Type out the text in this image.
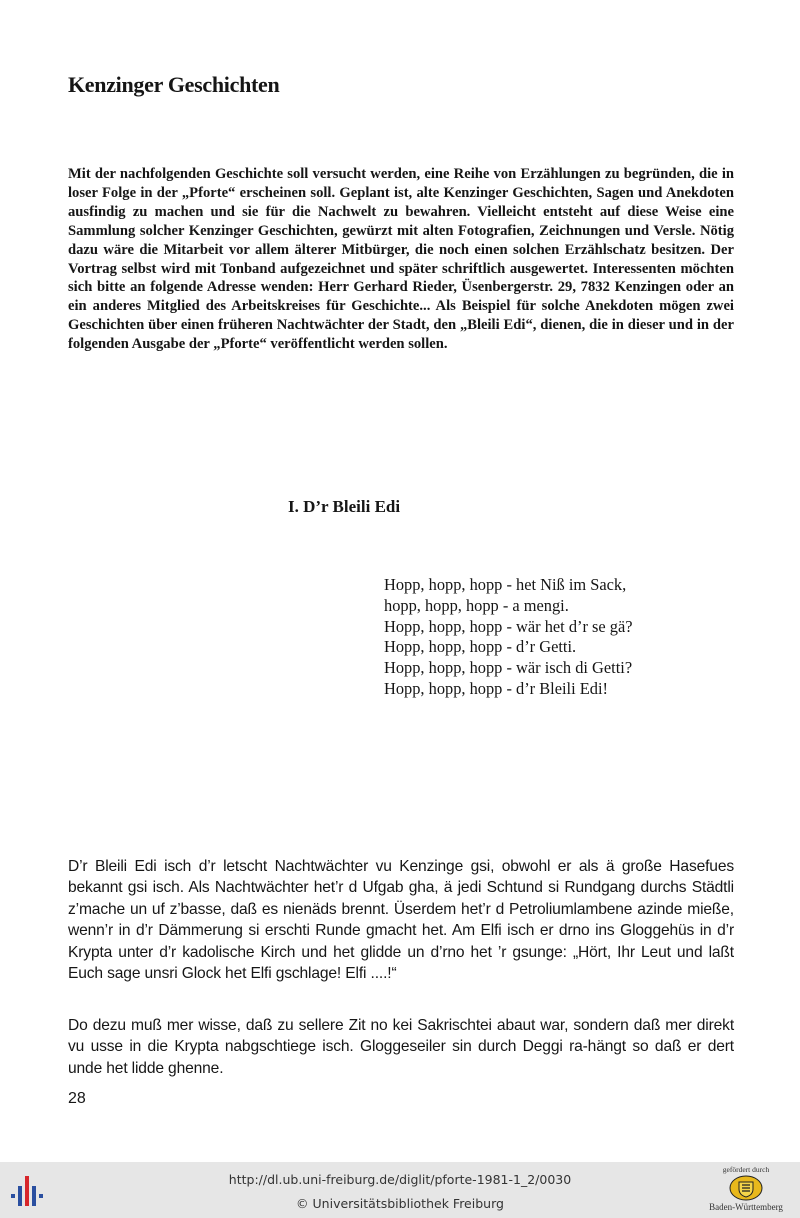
Kenzinger Geschichten

Mit der nachfolgenden Geschichte soll versucht werden, eine Reihe von Erzählungen zu begründen, die in loser Folge in der „Pforte“ erscheinen soll. Geplant ist, alte Kenzinger Geschichten, Sagen und Anekdoten ausfindig zu machen und sie für die Nachwelt zu bewahren. Vielleicht entsteht auf diese Weise eine Sammlung solcher Kenzinger Geschichten, gewürzt mit alten Fotografien, Zeichnungen und Versle. Nötig dazu wäre die Mitarbeit vor allem älterer Mitbürger, die noch einen solchen Erzählschatz besitzen. Der Vortrag selbst wird mit Tonband aufgezeichnet und später schriftlich ausgewertet. Interessenten möchten sich bitte an folgende Adresse wenden: Herr Gerhard Rieder, Üsenbergerstr. 29, 7832 Kenzingen oder an ein anderes Mitglied des Arbeitskreises für Geschichte... Als Beispiel für solche Anekdoten mögen zwei Geschichten über einen früheren Nachtwächter der Stadt, den „Bleili Edi“, dienen, die in dieser und in der folgenden Ausgabe der „Pforte“ veröffentlicht werden sollen.

I. D’r Bleili Edi
Hopp, hopp, hopp - het Niß im Sack,
hopp, hopp, hopp - a mengi.
Hopp, hopp, hopp - wär het d’r se gä?
Hopp, hopp, hopp - d’r Getti.
Hopp, hopp, hopp - wär isch di Getti?
Hopp, hopp, hopp - d’r Bleili Edi!

D’r Bleili Edi isch d’r letscht Nachtwächter vu Kenzinge gsi, obwohl er als ä große Hasefues bekannt gsi isch. Als Nachtwächter het’r d Ufgab gha, ä jedi Schtund si Rundgang durchs Städtli z’mache un uf z’basse, daß es nienäds brennt. Üserdem het’r d Petroliumlambene azinde mieße, wenn’r in d’r Dämmerung si erschti Runde gmacht het. Am Elfi isch er drno ins Gloggehüs in d’r Krypta unter d’r kadolische Kirch und het glidde un d’rno het ’r gsunge: „Hört, Ihr Leut und laßt Euch sage unsri Glock het Elfi gschlage! Elfi ....!“

Do dezu muß mer wisse, daß zu sellere Zit no kei Sakrischtei abaut war, sondern daß mer direkt vu usse in die Krypta nabgschtiege isch. Gloggeseiler sin durch Deggi ra-hängt so daß er dert unde het lidde ghenne.

28
http://dl.ub.uni-freiburg.de/diglit/pforte-1981-1_2/0030
© Universitätsbibliothek Freiburg
gefördert durch
Baden-Württemberg
